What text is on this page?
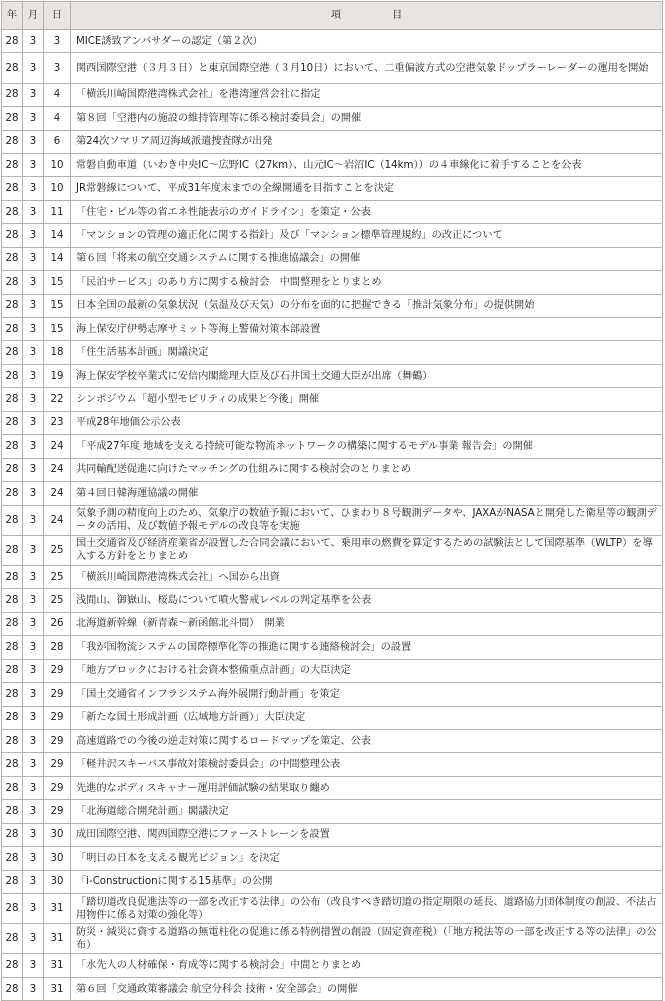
年	月	日	項　　　　　目
28	3	3	MICE誘致アンバサダーの認定（第２次）
28	3	3	関西国際空港（３月３日）と東京国際空港（３月10日）において、二重偏波方式の空港気象ドップラーレーダーの運用を開始
28	3	4	「横浜川崎国際港湾株式会社」を港湾運営会社に指定
28	3	4	第８回「空港内の施設の維持管理等に係る検討委員会」の開催
28	3	6	第24次ソマリア周辺海域派遣捜査隊が出発
28	3	10	常磐自動車道（いわき中央IC～広野IC（27km）、山元IC～岩沼IC（14km））の４車線化に着手することを公表
28	3	10	JR常磐線について、平成31年度末までの全線開通を目指すことを決定
28	3	11	「住宅・ビル等の省エネ性能表示のガイドライン」を策定・公表
28	3	14	「マンションの管理の適正化に関する指針」及び「マンション標準管理規約」の改正について
28	3	14	第６回「将来の航空交通システムに関する推進協議会」の開催
28	3	15	「民泊サービス」のあり方に関する検討会　中間整理をとりまとめ
28	3	15	日本全国の最新の気象状況（気温及び天気）の分布を面的に把握できる「推計気象分布」の提供開始
28	3	15	海上保安庁伊勢志摩サミット等海上警備対策本部設置
28	3	18	「住生活基本計画」閣議決定
28	3	19	海上保安学校卒業式に安倍内閣総理大臣及び石井国土交通大臣が出席（舞鶴）
28	3	22	シンポジウム「超小型モビリティの成果と今後」開催
28	3	23	平成28年地価公示公表
28	3	24	「平成27年度 地域を支える持続可能な物流ネットワークの構築に関するモデル事業 報告会」の開催
28	3	24	共同輸配送促進に向けたマッチングの仕組みに関する検討会のとりまとめ
28	3	24	第４回日韓海運協議の開催
28	3	24	気象予測の精度向上のため、気象庁の数値予報において、ひまわり８号観測データや、JAXAがNASAと開発した衛星等の観測データの活用、及び数値予報モデルの改良等を実施
28	3	25	国土交通省及び経済産業省が設置した合同会議において、乗用車の燃費を算定するための試験法として国際基準（WLTP）を導入する方針をとりまとめ
28	3	25	「横浜川崎国際港湾株式会社」へ国から出資
28	3	25	浅間山、御嶽山、桜島について噴火警戒レベルの判定基準を公表
28	3	26	北海道新幹線（新青森～新函館北斗間）　開業
28	3	28	「我が国物流システムの国際標準化等の推進に関する連絡検討会」の設置
28	3	29	「地方ブロックにおける社会資本整備重点計画」の大臣決定
28	3	29	「国土交通省インフラシステム海外展開行動計画」を策定
28	3	29	「新たな国土形成計画（広域地方計画）」大臣決定
28	3	29	高速道路での今後の逆走対策に関するロードマップを策定、公表
28	3	29	「軽井沢スキーバス事故対策検討委員会」の中間整理公表
28	3	29	先進的なボディスキャナー運用評価試験の結果取り纏め
28	3	29	「北海道総合開発計画」閣議決定
28	3	30	成田国際空港、関西国際空港にファーストレーンを設置
28	3	30	「明日の日本を支える観光ビジョン」を決定
28	3	30	「i-Constructionに関する15基準」の公開
28	3	31	「踏切道改良促進法等の一部を改正する法律」の公布（改良すべき踏切道の指定期限の延長、道路協力団体制度の創設、不法占用物件に係る対策の強化等）
28	3	31	防災・減災に資する道路の無電柱化の促進に係る特例措置の創設（固定資産税）（「地方税法等の一部を改正する等の法律」の公布）
28	3	31	「水先人の人材確保・育成等に関する検討会」中間とりまとめ
28	3	31	第６回「交通政策審議会 航空分科会 技術・安全部会」の開催
